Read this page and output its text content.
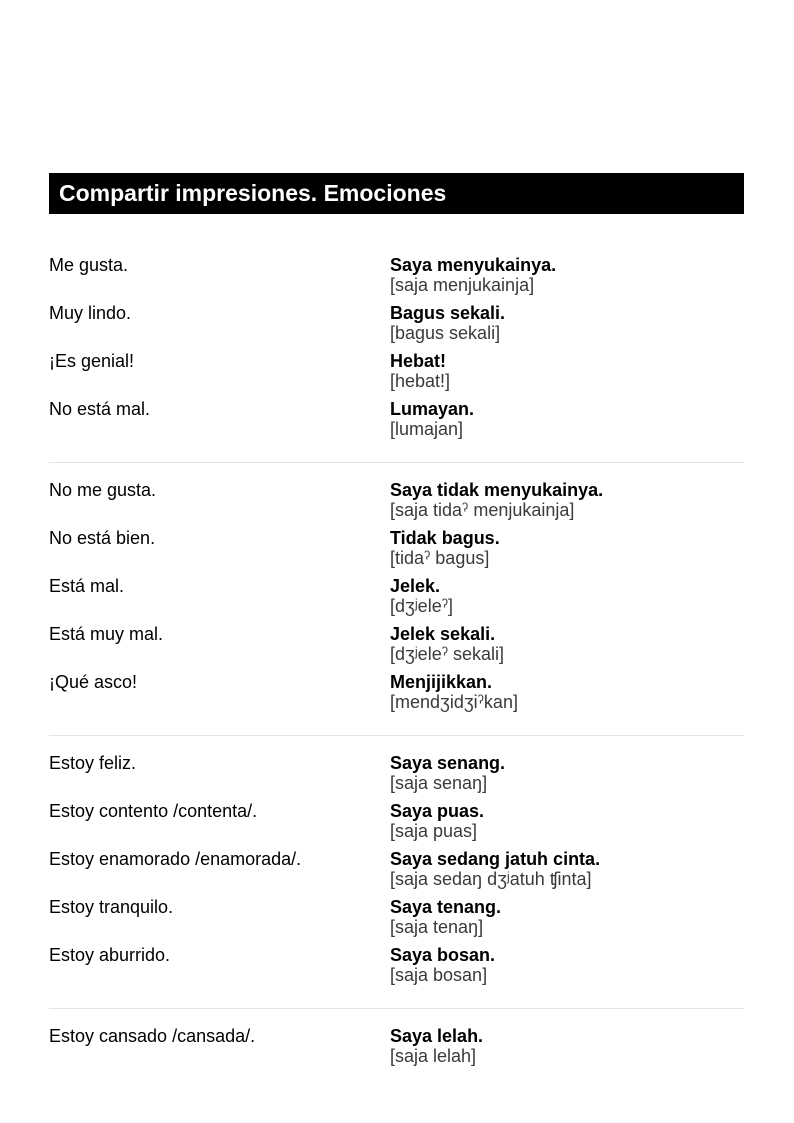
Compartir impresiones. Emociones
Me gusta.	Saya menyukainya.
[saja menjukainja]
Muy lindo.	Bagus sekali.
[bagus sekali]
¡Es genial!	Hebat!
[hebat!]
No está mal.	Lumayan.
[lumajan]
No me gusta.	Saya tidak menyukainya.
[saja tidaˀ menjukainja]
No está bien.	Tidak bagus.
[tidaˀ bagus]
Está mal.	Jelek.
[dʒʲeleˀ]
Está muy mal.	Jelek sekali.
[dʒʲeleˀ sekali]
¡Qué asco!	Menjijikkan.
[mendʒidʒiˀkan]
Estoy feliz.	Saya senang.
[saja senaŋ]
Estoy contento /contenta/.	Saya puas.
[saja puas]
Estoy enamorado /enamorada/.	Saya sedang jatuh cinta.
[saja sedaŋ dʒʲatuh ʧinta]
Estoy tranquilo.	Saya tenang.
[saja tenaŋ]
Estoy aburrido.	Saya bosan.
[saja bosan]
Estoy cansado /cansada/.	Saya lelah.
[saja lelah]
